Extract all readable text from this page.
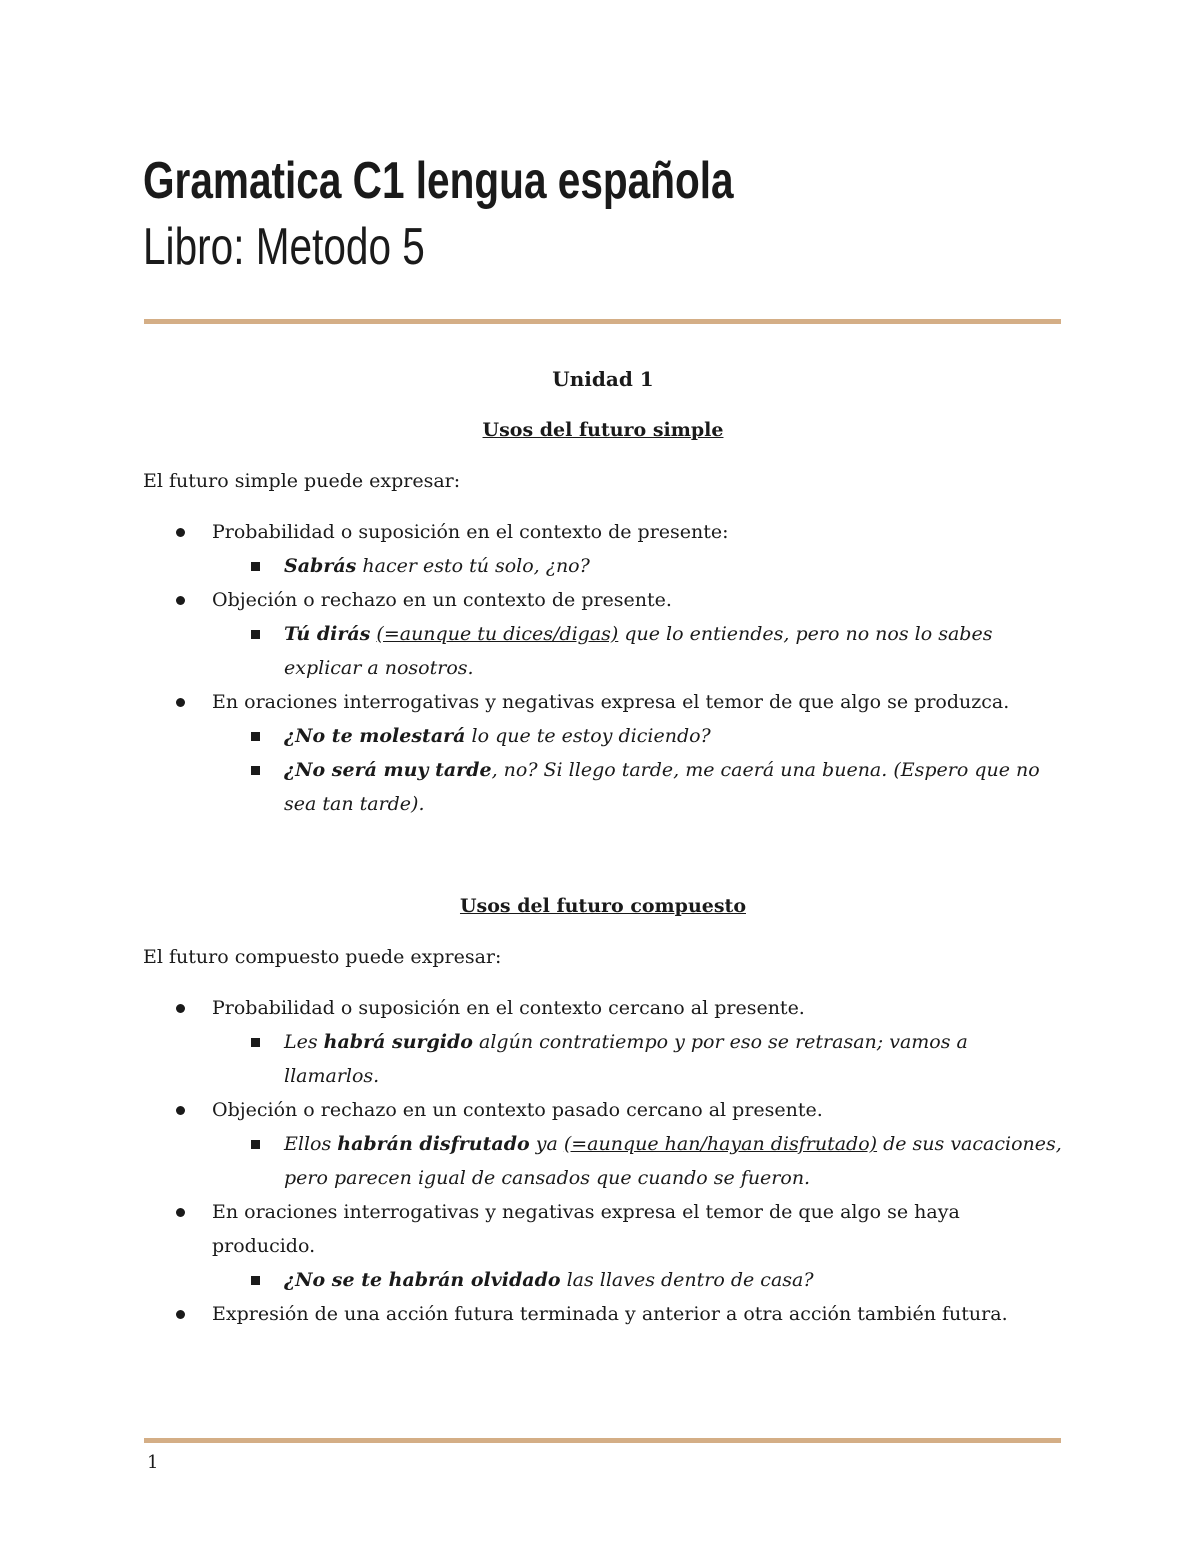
Gramatica C1 lengua española
Libro: Metodo 5

Unidad 1

Usos del futuro simple

El futuro simple puede expresar:

Probabilidad o suposición en el contexto de presente:
Sabrás hacer esto tú solo, ¿no?
Objeción o rechazo en un contexto de presente.
Tú dirás (=aunque tu dices/digas) que lo entiendes, pero no nos lo sabes explicar a nosotros.
En oraciones interrogativas y negativas expresa el temor de que algo se produzca.
¿No te molestará lo que te estoy diciendo?
¿No será muy tarde, no? Si llego tarde, me caerá una buena. (Espero que no sea tan tarde).

Usos del futuro compuesto

El futuro compuesto puede expresar:

Probabilidad o suposición en el contexto cercano al presente.
Les habrá surgido algún contratiempo y por eso se retrasan; vamos a llamarlos.
Objeción o rechazo en un contexto pasado cercano al presente.
Ellos habrán disfrutado ya (=aunque han/hayan disfrutado) de sus vacaciones, pero parecen igual de cansados que cuando se fueron.
En oraciones interrogativas y negativas expresa el temor de que algo se haya producido.
¿No se te habrán olvidado las llaves dentro de casa?
Expresión de una acción futura terminada y anterior a otra acción también futura.
1
